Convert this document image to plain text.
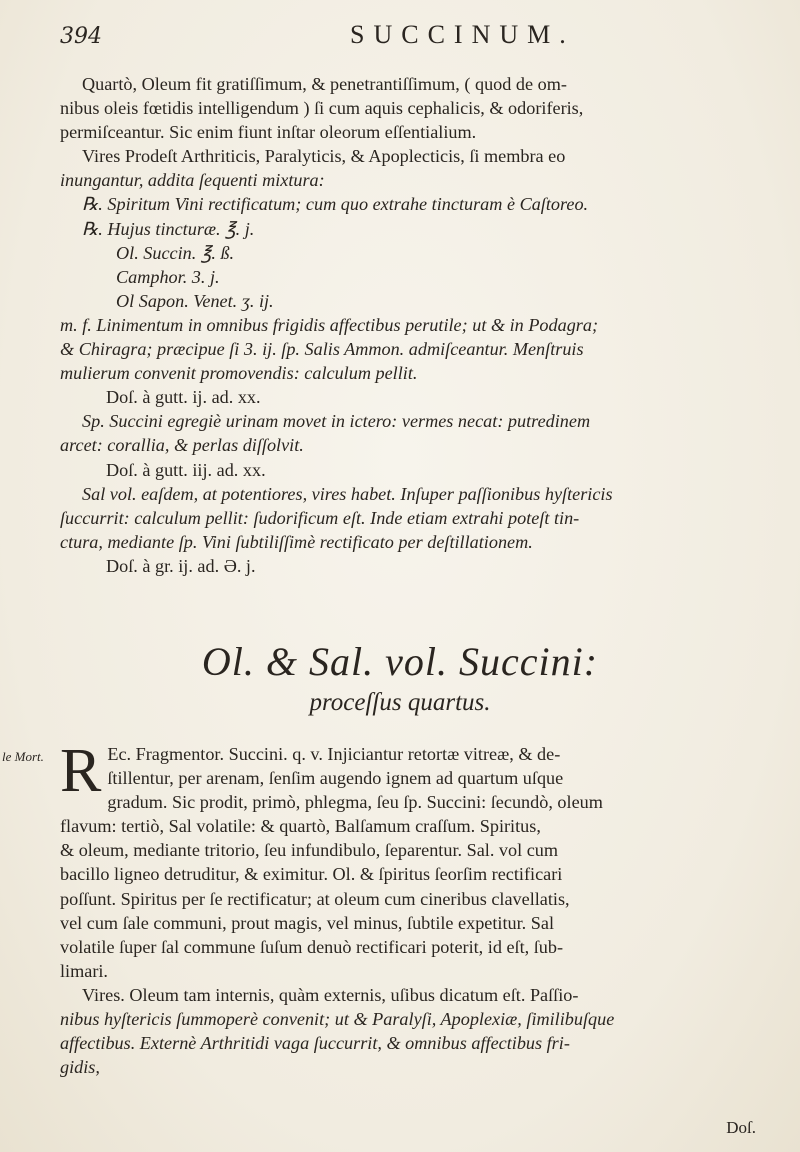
394	SUCCINUM.

Quartò, Oleum fit gratiſſimum, & penetrantiſſimum, ( quod de om-

nibus oleis fœtidis intelligendum ) ſi cum aquis cephalicis, & odoriferis,

permiſceantur. Sic enim fiunt inſtar oleorum eſſentialium.

Vires Prodeſt Arthriticis, Paralyticis, & Apoplecticis, ſi membra eo

inungantur, addita ſequenti mixtura:

℞. Spiritum Vini rectificatum; cum quo extrahe tincturam è Caſtoreo.

℞. Hujus tincturæ. ℥. j.

Ol. Succin. ℥. ß.

Camphor. 3. j.

Ol Sapon. Venet. ʒ. ij.

m. f. Linimentum in omnibus frigidis affectibus perutile; ut & in Podagra;

& Chiragra; præcipue ſi 3. ij. ſp. Salis Ammon. admiſceantur. Menſtruis

mulierum convenit promovendis: calculum pellit.

Doſ. à gutt. ij. ad. xx.

Sp. Succini egregiè urinam movet in ictero: vermes necat: putredinem

arcet: corallia, & perlas diſſolvit.

Doſ. à gutt. iij. ad. xx.

Sal vol. eaſdem, at potentiores, vires habet. Inſuper paſſionibus hyſtericis

ſuccurrit: calculum pellit: ſudorificum eſt. Inde etiam extrahi poteſt tin-

ctura, mediante ſp. Vini ſubtiliſſimè rectificato per deſtillationem.

Doſ. à gr. ij. ad. Ə. j.

Ol. & Sal. vol. Succini:
proceſſus quartus.
le Mort. R Ec. Fragmentor. Succini. q. v. Injiciantur retortæ vitreæ, & de-

ſtillentur, per arenam, ſenſim augendo ignem ad quartum uſque

gradum. Sic prodit, primò, phlegma, ſeu ſp. Succini: ſecundò, oleum

flavum: tertiò, Sal volatile: & quartò, Balſamum craſſum. Spiritus,

& oleum, mediante tritorio, ſeu infundibulo, ſeparentur. Sal. vol cum

bacillo ligneo detruditur, & eximitur. Ol. & ſpiritus ſeorſim rectificari

poſſunt. Spiritus per ſe rectificatur; at oleum cum cineribus clavellatis,

vel cum ſale communi, prout magis, vel minus, ſubtile expetitur. Sal

volatile ſuper ſal commune ſuſum denuò rectificari poterit, id eſt, ſub-

limari.

Vires. Oleum tam internis, quàm externis, uſibus dicatum eſt. Paſſio-

nibus hyſtericis ſummoperè convenit; ut & Paralyſi, Apoplexiæ, ſimilibuſque

affectibus. Externè Arthritidi vaga ſuccurrit, & omnibus affectibus fri-

gidis,

Doſ.
